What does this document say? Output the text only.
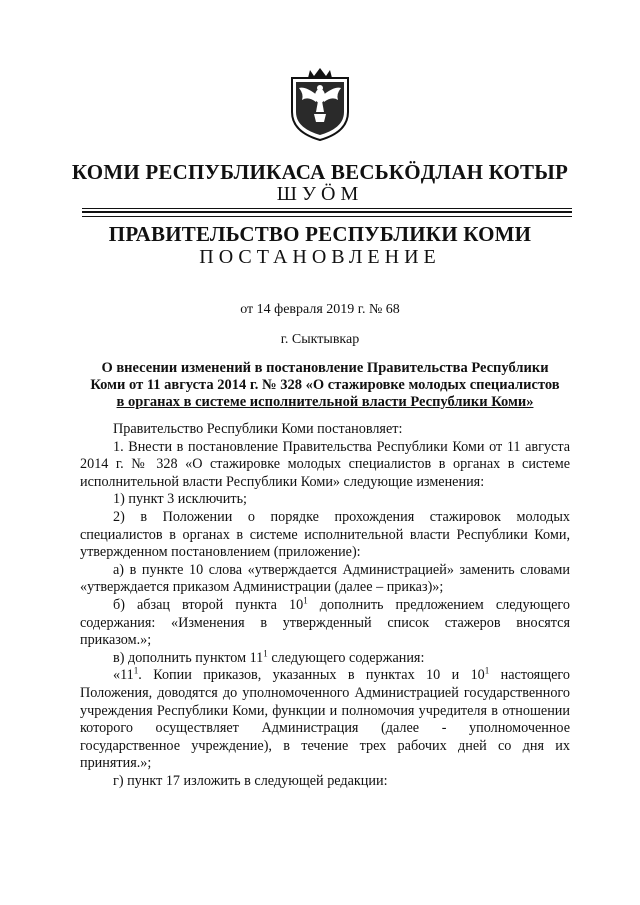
КОМИ РЕСПУБЛИКАСА ВЕСЬКӦДЛАН КОТЫР
ШУӦМ
ПРАВИТЕЛЬСТВО РЕСПУБЛИКИ КОМИ
ПОСТАНОВЛЕНИЕ
от 14 февраля 2019 г. № 68
г. Сыктывкар
О внесении изменений в постановление Правительства Республики
Коми от 11 августа 2014 г. № 328 «О стажировке молодых специалистов
в органах в системе исполнительной власти Республики Коми»

Правительство Республики Коми постановляет:

1. Внести в постановление Правительства Республики Коми от 11 августа 2014 г. № 328 «О стажировке молодых специалистов в органах в системе исполнительной власти Республики Коми» следующие изменения:

1) пункт 3 исключить;

2) в Положении о порядке прохождения стажировок молодых специалистов в органах в системе исполнительной власти Республики Коми, утвержденном постановлением (приложение):

а) в пункте 10 слова «утверждается Администрацией» заменить словами «утверждается приказом Администрации (далее – приказ)»;

б) абзац второй пункта $10^1$ дополнить предложением следующего содержания: «Изменения в утвержденный список стажеров вносятся приказом.»;

в) дополнить пунктом $11^1$ следующего содержания:

«$11^1$. Копии приказов, указанных в пунктах 10 и $10^1$ настоящего Положения, доводятся до уполномоченного Администрацией государственного учреждения Республики Коми, функции и полномочия учредителя в отношении которого осуществляет Администрация (далее - уполномоченное государственное учреждение), в течение трех рабочих дней со дня их принятия.»;

г) пункт 17 изложить в следующей редакции:
